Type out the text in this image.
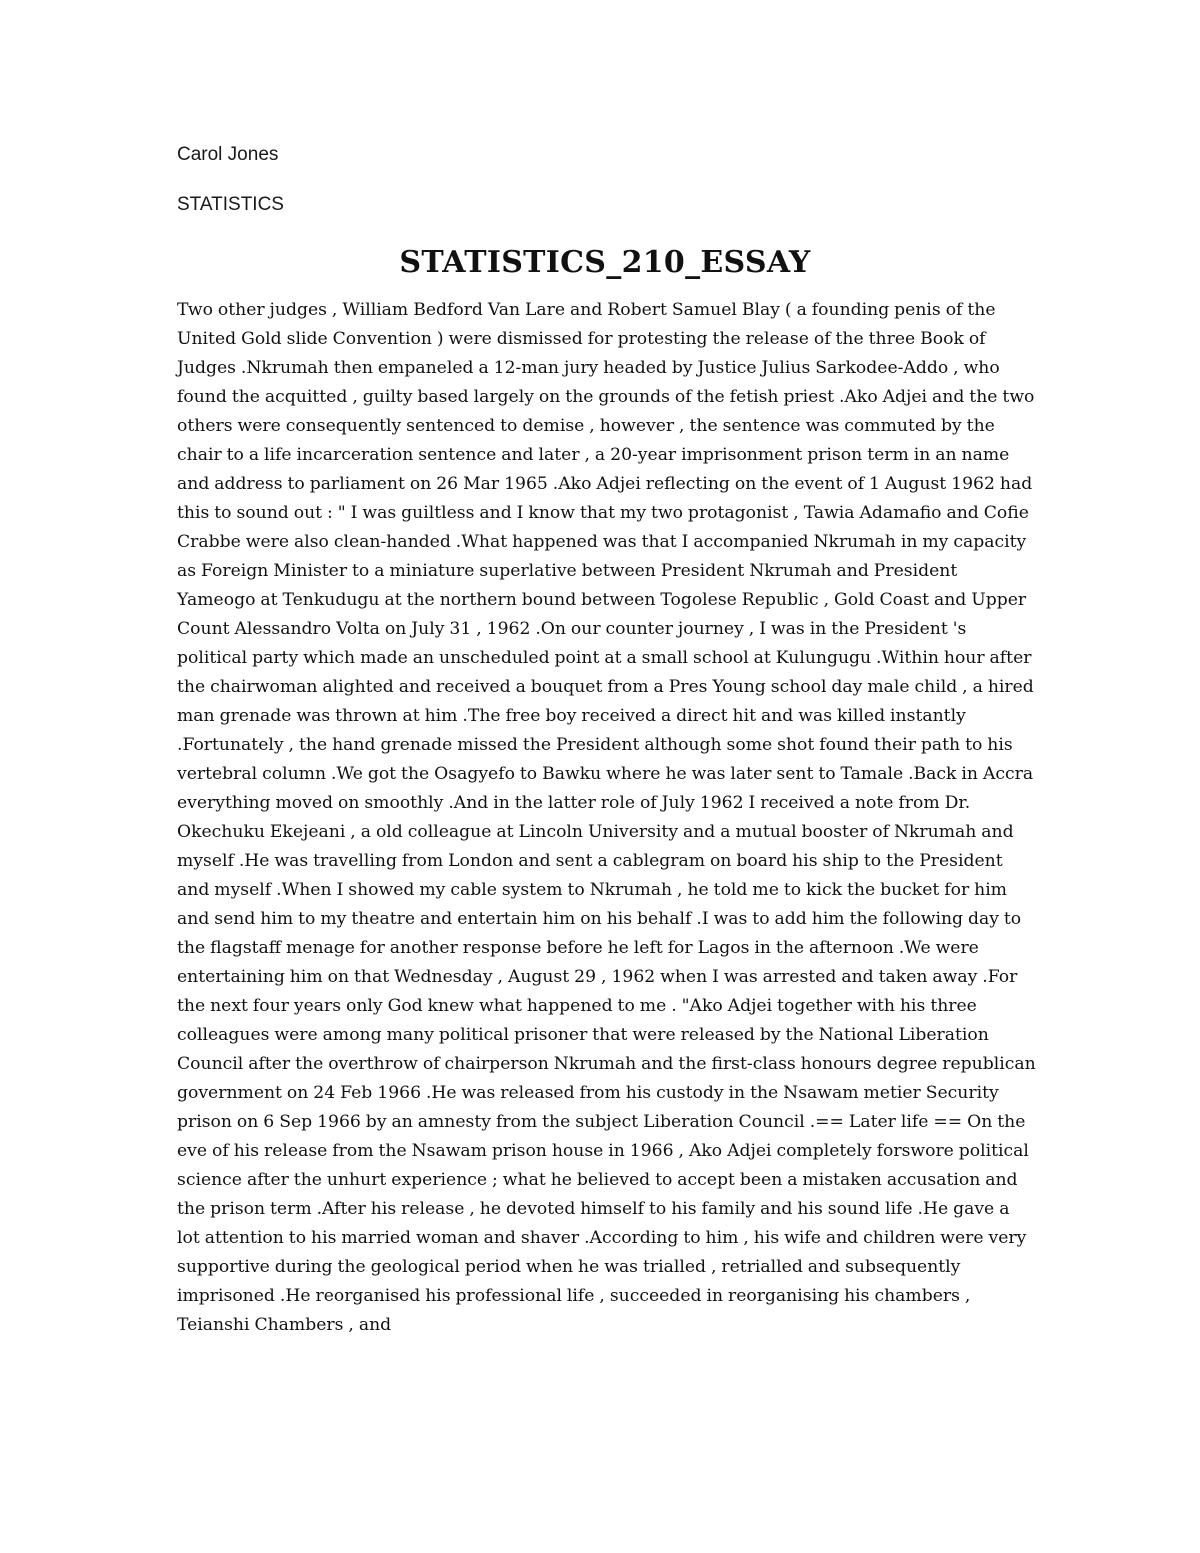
Carol Jones

STATISTICS

STATISTICS_210_ESSAY

Two other judges , William Bedford Van Lare and Robert Samuel Blay ( a founding penis of the United Gold slide Convention ) were dismissed for protesting the release of the three Book of Judges .Nkrumah then empaneled a 12-man jury headed by Justice Julius Sarkodee-Addo , who found the acquitted , guilty based largely on the grounds of the fetish priest .Ako Adjei and the two others were consequently sentenced to demise , however , the sentence was commuted by the chair to a life incarceration sentence and later , a 20-year imprisonment prison term in an name and address to parliament on 26 Mar 1965 .Ako Adjei reflecting on the event of 1 August 1962 had this to sound out : " I was guiltless and I know that my two protagonist , Tawia Adamafio and Cofie Crabbe were also clean-handed .What happened was that I accompanied Nkrumah in my capacity as Foreign Minister to a miniature superlative between President Nkrumah and President Yameogo at Tenkudugu at the northern bound between Togolese Republic , Gold Coast and Upper Count Alessandro Volta on July 31 , 1962 .On our counter journey , I was in the President 's political party which made an unscheduled point at a small school at Kulungugu .Within hour after the chairwoman alighted and received a bouquet from a Pres Young school day male child , a hired man grenade was thrown at him .The free boy received a direct hit and was killed instantly .Fortunately , the hand grenade missed the President although some shot found their path to his vertebral column .We got the Osagyefo to Bawku where he was later sent to Tamale .Back in Accra everything moved on smoothly .And in the latter role of July 1962 I received a note from Dr. Okechuku Ekejeani , a old colleague at Lincoln University and a mutual booster of Nkrumah and myself .He was travelling from London and sent a cablegram on board his ship to the President and myself .When I showed my cable system to Nkrumah , he told me to kick the bucket for him and send him to my theatre and entertain him on his behalf .I was to add him the following day to the flagstaff menage for another response before he left for Lagos in the afternoon .We were entertaining him on that Wednesday , August 29 , 1962 when I was arrested and taken away .For the next four years only God knew what happened to me . "Ako Adjei together with his three colleagues were among many political prisoner that were released by the National Liberation Council after the overthrow of chairperson Nkrumah and the first-class honours degree republican government on 24 Feb 1966 .He was released from his custody in the Nsawam metier Security prison on 6 Sep 1966 by an amnesty from the subject Liberation Council .== Later life == On the eve of his release from the Nsawam prison house in 1966 , Ako Adjei completely forswore political science after the unhurt experience ; what he believed to accept been a mistaken accusation and the prison term .After his release , he devoted himself to his family and his sound life .He gave a lot attention to his married woman and shaver .According to him , his wife and children were very supportive during the geological period when he was trialled , retrialled and subsequently imprisoned .He reorganised his professional life , succeeded in reorganising his chambers , Teianshi Chambers , and
